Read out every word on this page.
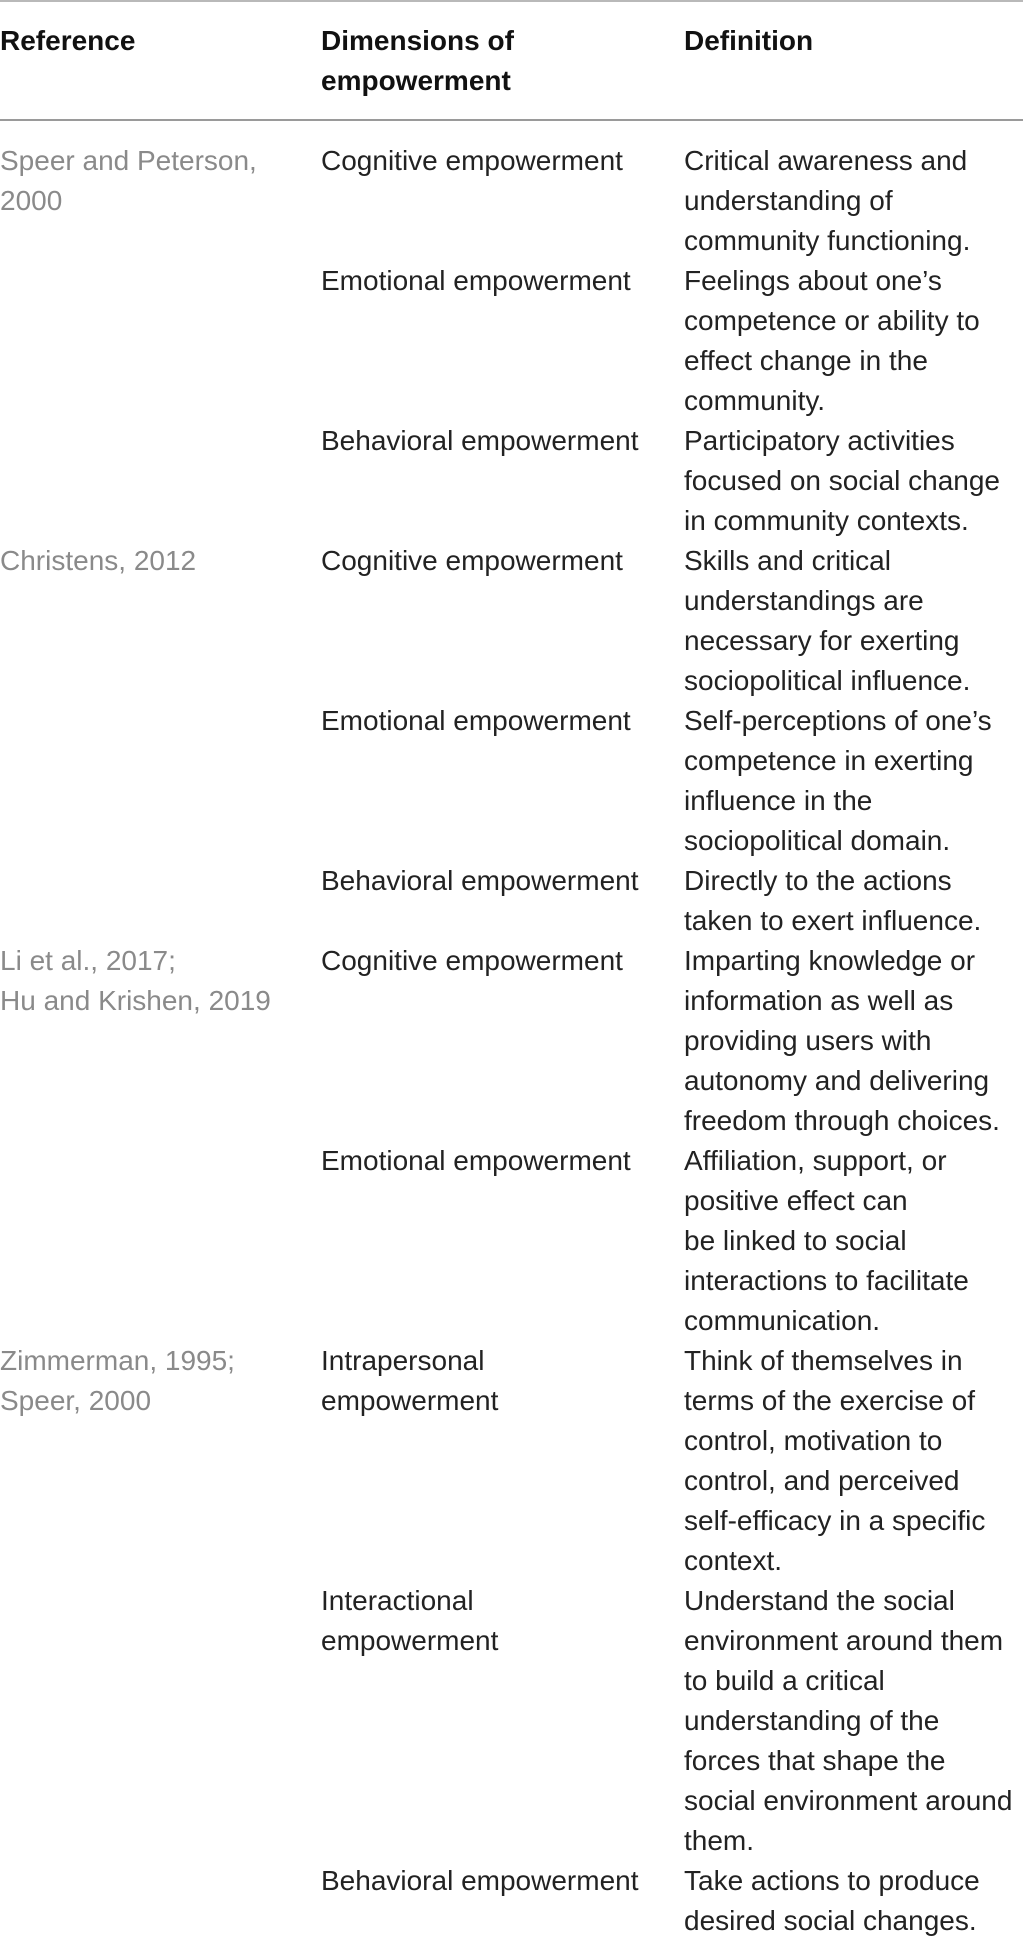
Reference	Dimensions of
empowerment
Definition
Speer and Peterson,
2000
Cognitive empowerment Critical awareness and
understanding of
community functioning.
Emotional empowerment Feelings about one’s
competence or ability to
effect change in the
community.
Behavioral empowerment Participatory activities
focused on social change
in community contexts.
Christens, 2012	Cognitive empowerment Skills and critical
understandings are
necessary for exerting
sociopolitical influence.
Emotional empowerment Self-perceptions of one’s
competence in exerting
influence in the
sociopolitical domain.
Behavioral empowerment Directly to the actions
taken to exert influence.
Li et al., 2017;
Hu and Krishen, 2019
Cognitive empowerment Imparting knowledge or
information as well as
providing users with
autonomy and delivering
freedom through choices.
Emotional empowerment Affiliation, support, or
positive effect can
be linked to social
interactions to facilitate
communication.
Zimmerman, 1995;
Speer, 2000
Intrapersonal
empowerment
Think of themselves in
terms of the exercise of
control, motivation to
control, and perceived
self-efficacy in a specific
context.
Interactional
empowerment
Understand the social
environment around them
to build a critical
understanding of the
forces that shape the
social environment around
them.
Behavioral empowerment Take actions to produce
desired social changes.
